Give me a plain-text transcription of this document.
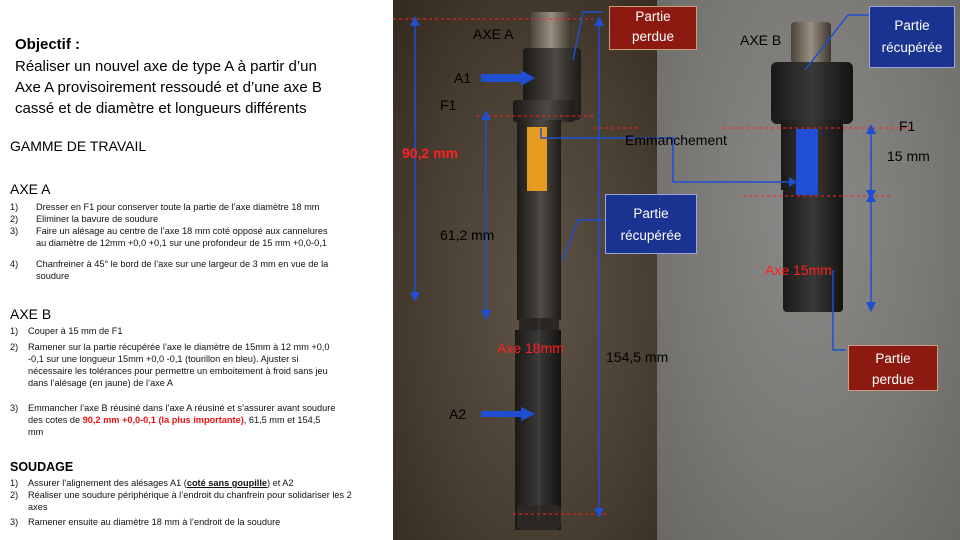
Objectif :
Réaliser un nouvel axe de type A à partir d’un
Axe A provisoirement ressoudé et d’une axe B
cassé et de diamètre et longueurs différents
GAMME DE TRAVAIL
AXE A
1) Dresser en F1 pour conserver toute la partie de l’axe diamètre 18 mm
2) Eliminer la bavure de soudure
3) Faire un alésage au centre de l’axe 18 mm coté opposé aux cannelures
au diamètre de 12mm +0,0 +0,1 sur une profondeur de 15 mm +0,0-0,1
4) Chanfreiner à 45° le bord de l’axe sur une largeur de 3 mm en vue de la
soudure
AXE B
1) Couper à 15 mm de F1
2) Ramener sur la partie récupérée l’axe le diamètre de 15mm à 12 mm +0,0
-0,1 sur une longueur 15mm +0,0 -0,1 (tourillon en bleu). Ajuster si
nécessaire les tolérances pour permettre un emboitement à froid sans jeu
dans l’alésage (en jaune) de l’axe A
3) Emmancher l’axe B réusiné dans l’axe A réusiné et s’assurer avant soudure
des cotes de 90,2 mm +0,0-0,1 (la plus importante), 61,5 mm et 154,5
mm
SOUDAGE
1) Assurer l’alignement des alésages A1 (coté sans goupille) et A2
2) Réaliser une soudure périphérique à l’endroit du chanfrein pour solidariser les 2
axes
3) Ramener ensuite au diamètre 18 mm à l’endroit de la soudure
AXE A	AXE B
A1
F1
F1
Emmanchement
90,2 mm	15 mm
61,2 mm
Axe 15mm
Axe 18mm
154,5 mm
A2
Partie
perdue
Partie
récupérée
Partie
récupérée
Partie
perdue
